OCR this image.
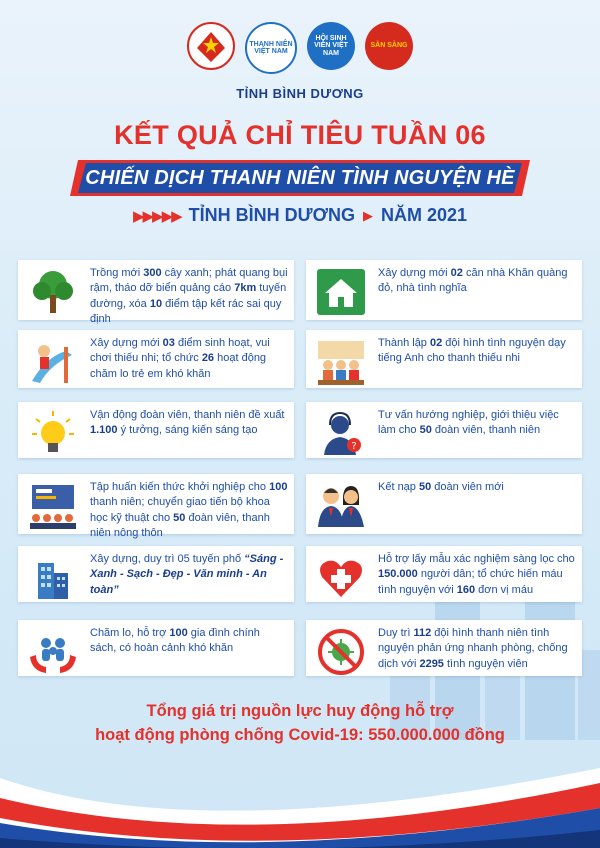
THANH NIÊN VIỆT NAM
HỘI SINH VIÊN VIỆT NAM
SẴN SÀNG
TỈNH BÌNH DƯƠNG
KẾT QUẢ CHỈ TIÊU TUẦN 06
CHIẾN DỊCH THANH NIÊN TÌNH NGUYỆN HÈ
▶▶▶▶▶ TỈNH BÌNH DƯƠNG ▶ NĂM 2021
Trồng mới 300 cây xanh; phát quang bụi rậm, tháo dỡ biển quảng cáo 7km tuyến đường, xóa 10 điểm tập kết rác sai quy định
Xây dựng mới 03 điểm sinh hoạt, vui chơi thiếu nhi; tổ chức 26 hoạt động chăm lo trẻ em khó khăn
Vận động đoàn viên, thanh niên đề xuất 1.100 ý tưởng, sáng kiến sáng tạo
Tập huấn kiến thức khởi nghiệp cho 100 thanh niên; chuyển giao tiến bộ khoa học kỹ thuật cho 50 đoàn viên, thanh niên nông thôn
Xây dựng, duy trì 05 tuyến phố “Sáng - Xanh - Sạch - Đẹp - Văn minh - An toàn”
Chăm lo, hỗ trợ 100 gia đình chính sách, có hoàn cảnh khó khăn
Xây dựng mới 02 căn nhà Khăn quàng đỏ, nhà tình nghĩa
Thành lập 02 đội hình tình nguyện dạy tiếng Anh cho thanh thiếu nhi
?
Tư vấn hướng nghiệp, giới thiệu việc làm cho 50 đoàn viên, thanh niên
Kết nạp 50 đoàn viên mới
Hỗ trợ lấy mẫu xác nghiệm sàng lọc cho 150.000 người dân; tổ chức hiến máu tình nguyện với 160 đơn vị máu
Duy trì 112 đội hình thanh niên tình nguyện phản ứng nhanh phòng, chống dịch với 2295 tình nguyện viên
Tổng giá trị nguồn lực huy động hỗ trợ
hoạt động phòng chống Covid-19: 550.000.000 đồng
